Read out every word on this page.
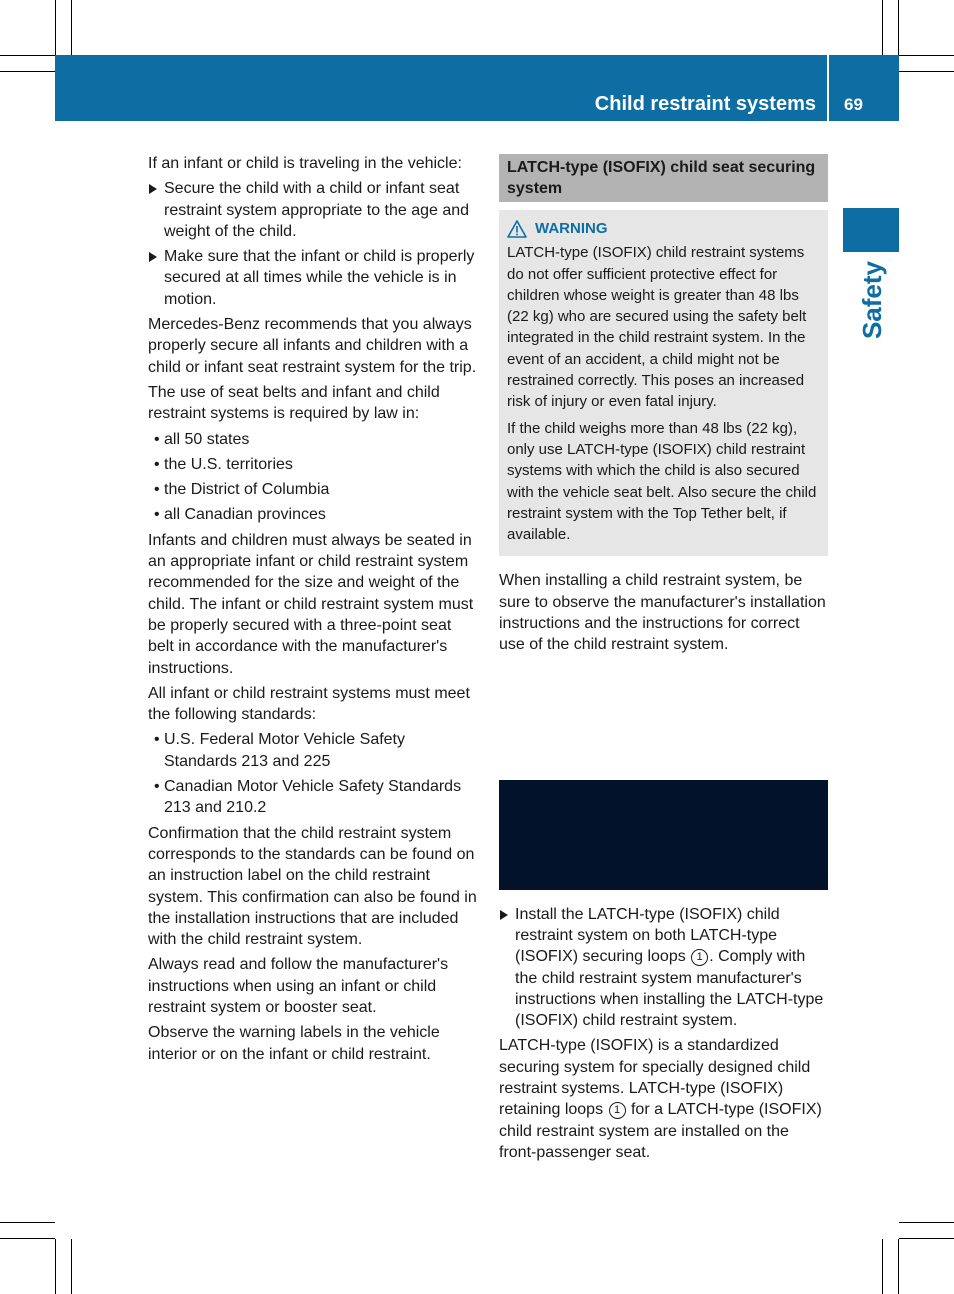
Child restraint systems 69
Safety

If an infant or child is traveling in the vehicle:

Secure the child with a child or infant seat restraint system appropriate to the age and weight of the child.
Make sure that the infant or child is properly secured at all times while the vehicle is in motion.

Mercedes-Benz recommends that you always properly secure all infants and children with a child or infant seat restraint system for the trip.

The use of seat belts and infant and child restraint systems is required by law in:

• all 50 states
• the U.S. territories
• the District of Columbia
• all Canadian provinces

Infants and children must always be seated in an appropriate infant or child restraint system recommended for the size and weight of the child. The infant or child restraint system must be properly secured with a three-point seat belt in accordance with the manufacturer's instructions.

All infant or child restraint systems must meet the following standards:

• U.S. Federal Motor Vehicle Safety Standards 213 and 225
• Canadian Motor Vehicle Safety Standards 213 and 210.2

Confirmation that the child restraint system corresponds to the standards can be found on an instruction label on the child restraint system. This confirmation can also be found in the installation instructions that are included with the child restraint system.

Always read and follow the manufacturer's instructions when using an infant or child restraint system or booster seat.

Observe the warning labels in the vehicle interior or on the infant or child restraint.

LATCH-type (ISOFIX) child seat securing system
WARNING

LATCH-type (ISOFIX) child restraint systems do not offer sufficient protective effect for children whose weight is greater than 48 lbs (22 kg) who are secured using the safety belt integrated in the child restraint system. In the event of an accident, a child might not be restrained correctly. This poses an increased risk of injury or even fatal injury.

If the child weighs more than 48 lbs (22 kg), only use LATCH-type (ISOFIX) child restraint systems with which the child is also secured with the vehicle seat belt. Also secure the child restraint system with the Top Tether belt, if available.

When installing a child restraint system, be sure to observe the manufacturer's installation instructions and the instructions for correct use of the child restraint system.

Install the LATCH-type (ISOFIX) child restraint system on both LATCH-type (ISOFIX) securing loops 1 . Comply with the child restraint system manufacturer's instructions when installing the LATCH-type (ISOFIX) child restraint system.

LATCH-type (ISOFIX) is a standardized securing system for specially designed child restraint systems. LATCH-type (ISOFIX) retaining loops 1 for a LATCH-type (ISOFIX) child restraint system are installed on the front-passenger seat.
